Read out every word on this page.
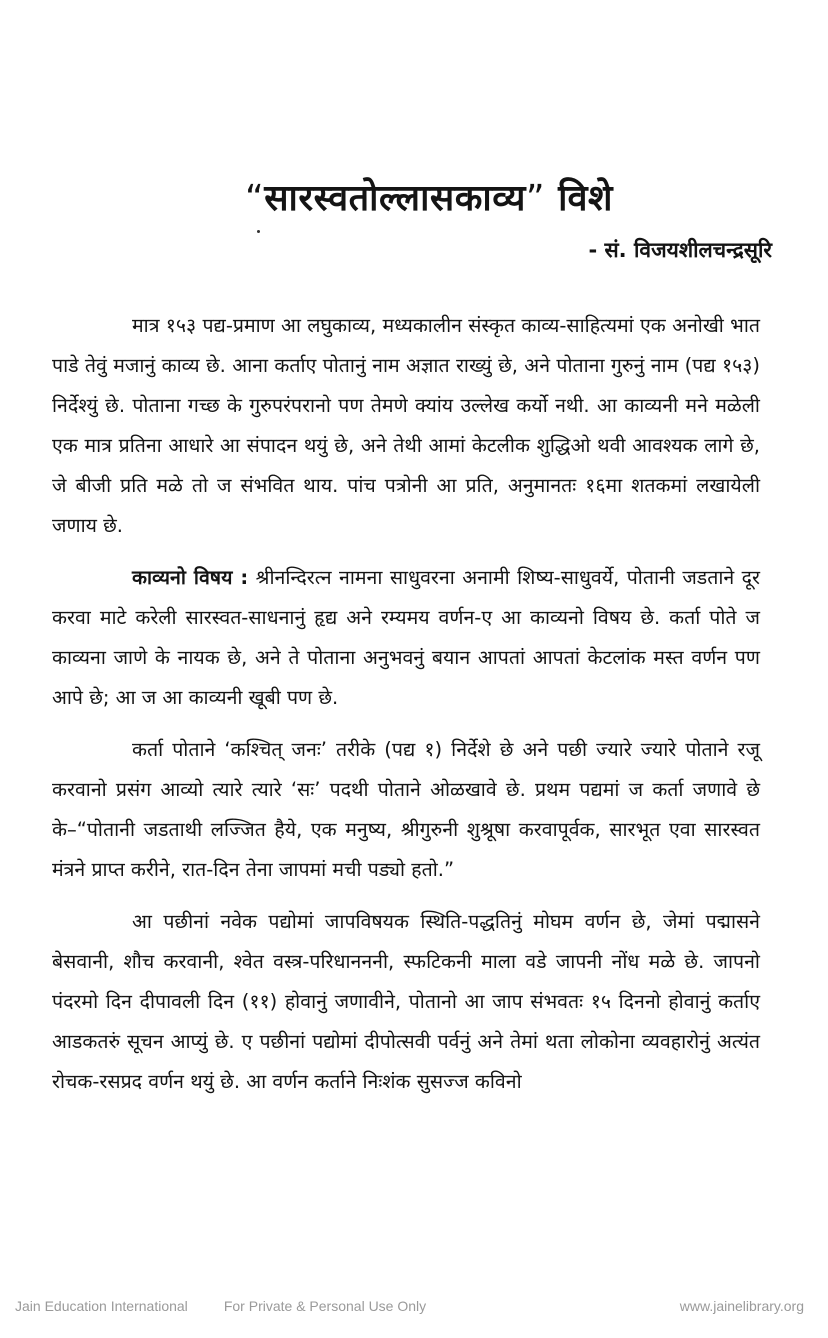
“सारस्वतोल्लासकाव्य” विशे
- सं. विजयशीलचन्द्रसूरि

मात्र १५३ पद्य-प्रमाण आ लघुकाव्य, मध्यकालीन संस्कृत काव्य-साहित्यमां एक अनोखी भात पाडे तेवुं मजानुं काव्य छे. आना कर्ताए पोतानुं नाम अज्ञात राख्युं छे, अने पोताना गुरुनुं नाम (पद्य १५३) निर्देश्युं छे. पोताना गच्छ के गुरुपरंपरानो पण तेमणे क्यांय उल्लेख कर्यो नथी. आ काव्यनी मने मळेली एक मात्र प्रतिना आधारे आ संपादन थयुं छे, अने तेथी आमां केटलीक शुद्धिओ थवी आवश्यक लागे छे, जे बीजी प्रति मळे तो ज संभवित थाय. पांच पत्रोनी आ प्रति, अनुमानतः १६मा शतकमां लखायेली जणाय छे.

काव्यनो विषय : श्रीनन्दिरत्न नामना साधुवरना अनामी शिष्य-साधुवर्ये, पोतानी जडताने दूर करवा माटे करेली सारस्वत-साधनानुं हृद्य अने रम्यमय वर्णन-ए आ काव्यनो विषय छे. कर्ता पोते ज काव्यना जाणे के नायक छे, अने ते पोताना अनुभवनुं बयान आपतां आपतां केटलांक मस्त वर्णन पण आपे छे; आ ज आ काव्यनी खूबी पण छे.

कर्ता पोताने ‘कश्चित् जनः’ तरीके (पद्य १) निर्देशे छे अने पछी ज्यारे ज्यारे पोताने रजू करवानो प्रसंग आव्यो त्यारे त्यारे ‘सः’ पदथी पोताने ओळखावे छे. प्रथम पद्यमां ज कर्ता जणावे छे के–“पोतानी जडताथी लज्जित हैये, एक मनुष्य, श्रीगुरुनी शुश्रूषा करवापूर्वक, सारभूत एवा सारस्वत मंत्रने प्राप्त करीने, रात-दिन तेना जापमां मची पड्यो हतो.”

आ पछीनां नवेक पद्योमां जापविषयक स्थिति-पद्धतिनुं मोघम वर्णन छे, जेमां पद्मासने बेसवानी, शौच करवानी, श्वेत वस्त्र-परिधानननी, स्फटिकनी माला वडे जापनी नोंध मळे छे. जापनो पंदरमो दिन दीपावली दिन (११) होवानुं जणावीने, पोतानो आ जाप संभवतः १५ दिननो होवानुं कर्ताए आडकतरुं सूचन आप्युं छे. ए पछीनां पद्योमां दीपोत्सवी पर्वनुं अने तेमां थता लोकोना व्यवहारोनुं अत्यंत रोचक-रसप्रद वर्णन थयुं छे. आ वर्णन कर्ताने निःशंक सुसज्ज कविनो

Jain Education International	For Private & Personal Use Only	www.jainelibrary.org
